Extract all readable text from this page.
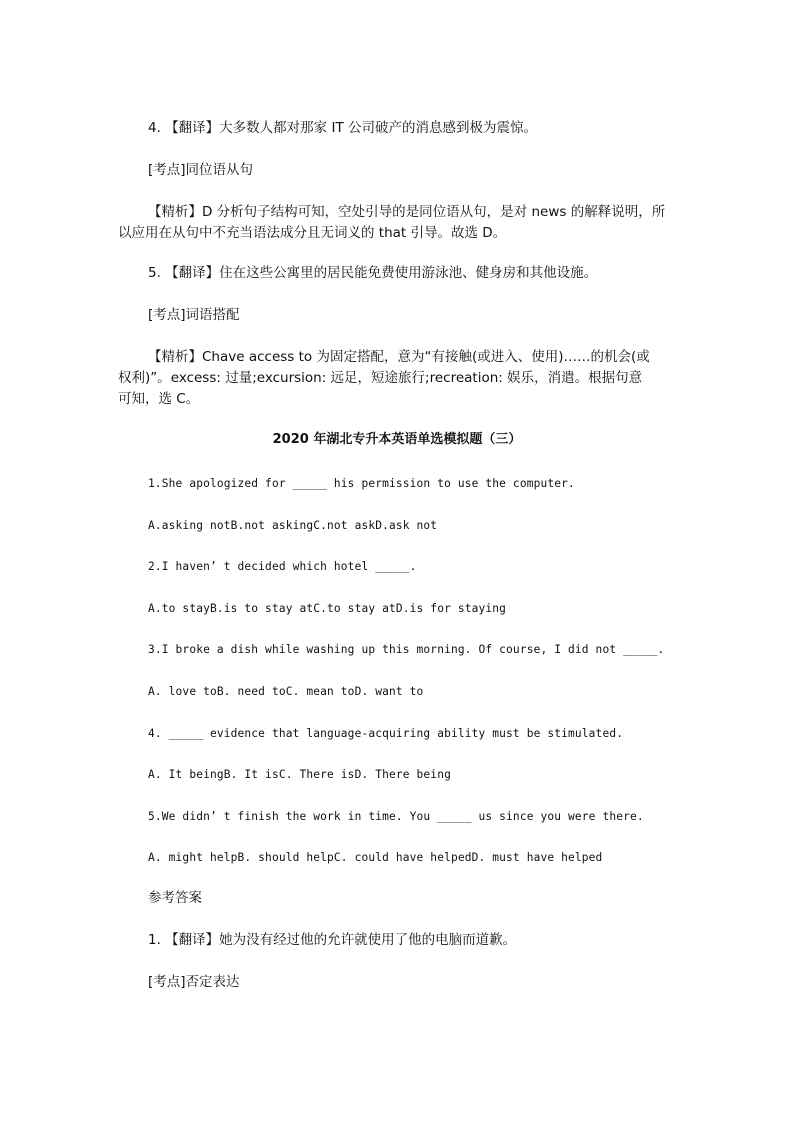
4. 【翻译】大多数人都对那家 IT 公司破产的消息感到极为震惊。
[考点]同位语从句
【精析】D 分析句子结构可知，空处引导的是同位语从句，是对 news 的解释说明，所
以应用在从句中不充当语法成分且无词义的 that 引导。故选 D。
5. 【翻译】住在这些公寓里的居民能免费使用游泳池、健身房和其他设施。
[考点]词语搭配
【精析】Chave access to 为固定搭配，意为“有接触(或进入、使用)……的机会(或
权利)”。excess: 过量;excursion: 远足，短途旅行;recreation: 娱乐，消遣。根据句意
可知，选 C。
2020 年湖北专升本英语单选模拟题（三）
1.She apologized for _____ his permission to use the computer.
A.asking notB.not askingC.not askD.ask not
2.I haven’ t decided which hotel _____.
A.to stayB.is to stay atC.to stay atD.is for staying
3.I broke a dish while washing up this morning. Of course, I did not _____.
A. love toB. need toC. mean toD. want to
4. _____ evidence that language-acquiring ability must be stimulated.
A. It beingB. It isC. There isD. There being
5.We didn’ t finish the work in time. You _____ us since you were there.
A. might helpB. should helpC. could have helpedD. must have helped
参考答案
1. 【翻译】她为没有经过他的允许就使用了他的电脑而道歉。
[考点]否定表达
